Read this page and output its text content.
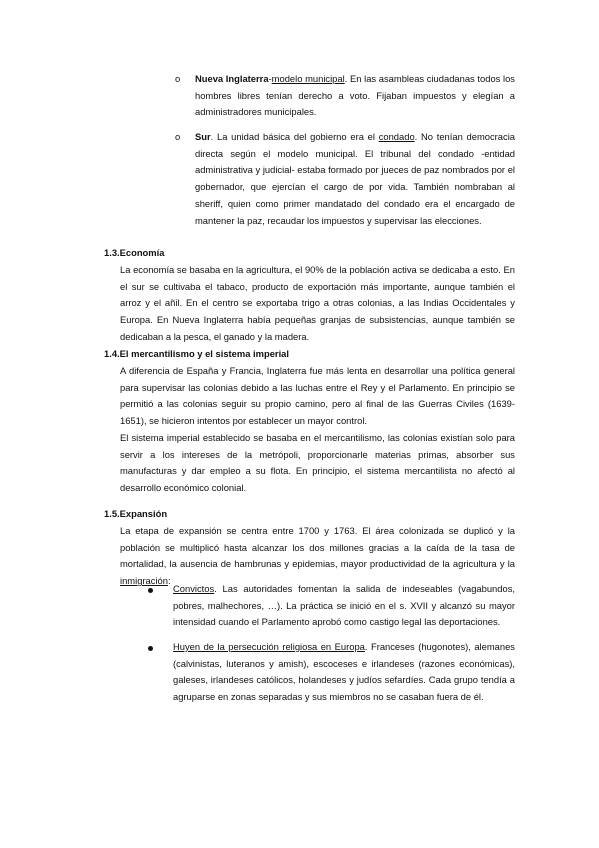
o Nueva Inglaterra-modelo municipal. En las asambleas ciudadanas todos los hombres libres tenían derecho a voto. Fijaban impuestos y elegían a administradores municipales.

o Sur. La unidad básica del gobierno era el condado. No tenían democracia directa según el modelo municipal. El tribunal del condado -entidad administrativa y judicial- estaba formado por jueces de paz nombrados por el gobernador, que ejercían el cargo de por vida. También nombraban al sheriff, quien como primer mandatado del condado era el encargado de mantener la paz, recaudar los impuestos y supervisar las elecciones.

1.3.Economía

La economía se basaba en la agricultura, el 90% de la población activa se dedicaba a esto. En el sur se cultivaba el tabaco, producto de exportación más importante, aunque también el arroz y el añil. En el centro se exportaba trigo a otras colonias, a las Indias Occidentales y Europa. En Nueva Inglaterra había pequeñas granjas de subsistencias, aunque también se dedicaban a la pesca, el ganado y la madera.

1.4.El mercantilismo y el sistema imperial

A diferencia de España y Francia, Inglaterra fue más lenta en desarrollar una política general para supervisar las colonias debido a las luchas entre el Rey y el Parlamento. En principio se permitió a las colonias seguir su propio camino, pero al final de las Guerras Civiles (1639-1651), se hicieron intentos por establecer un mayor control.

El sistema imperial establecido se basaba en el mercantilismo, las colonias existían solo para servir a los intereses de la metrópoli, proporcionarle materias primas, absorber sus manufacturas y dar empleo a su flota. En principio, el sistema mercantilista no afectó al desarrollo económico colonial.

1.5.Expansión

La etapa de expansión se centra entre 1700 y 1763. El área colonizada se duplicó y la población se multiplicó hasta alcanzar los dos millones gracias a la caída de la tasa de mortalidad, la ausencia de hambrunas y epidemias, mayor productividad de la agricultura y la inmigración:

Convictos. Las autoridades fomentan la salida de indeseables (vagabundos, pobres, malhechores, …). La práctica se inició en el s. XVII y alcanzó su mayor intensidad cuando el Parlamento aprobó como castigo legal las deportaciones.

Huyen de la persecución religiosa en Europa. Franceses (hugonotes), alemanes (calvinistas, luteranos y amish), escoceses e irlandeses (razones económicas), galeses, irlandeses católicos, holandeses y judíos sefardíes. Cada grupo tendía a agruparse en zonas separadas y sus miembros no se casaban fuera de él.
